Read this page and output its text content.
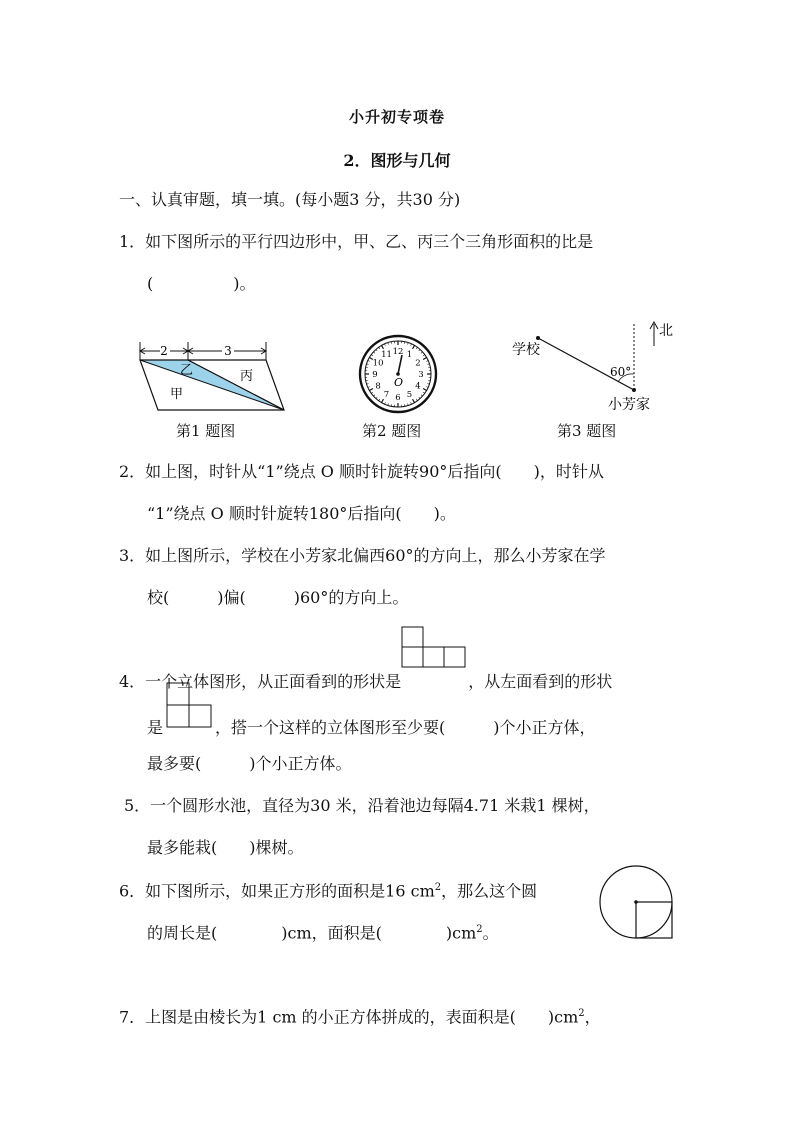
小升初专项卷
2．图形与几何
一、认真审题，填一填。(每小题3 分，共30 分)
1．如下图所示的平行四边形中，甲、乙、丙三个三角形面积的比是
(　　　　　)。
2	3
乙	丙
甲
第1 题图
12 1
2
3
4
5
6
7
8
9
10
11
O
第2 题图
学校
北
60°
小芳家
第3 题图
2．如上图，时针从“1”绕点 O 顺时针旋转90°后指向(　　)，时针从
“1”绕点 O 顺时针旋转180°后指向(　　)。
3．如上图所示，学校在小芳家北偏西60°的方向上，那么小芳家在学
校(　　　)偏(　　　)60°的方向上。
4．一个立体图形，从正面看到的形状是	，从左面看到的形状
是	，搭一个这样的立体图形至少要(　　　)个小正方体，
最多要(　　　)个小正方体。
5．一个圆形水池，直径为30 米，沿着池边每隔4.71 米栽1 棵树，
最多能栽(　　)棵树。
6．如下图所示，如果正方形的面积是16 $cm^2$，那么这个圆
的周长是(　　　　)cm，面积是(　　　　)$cm^2$。
7．上图是由棱长为1 cm 的小正方体拼成的，表面积是(　　)$cm^2$，
